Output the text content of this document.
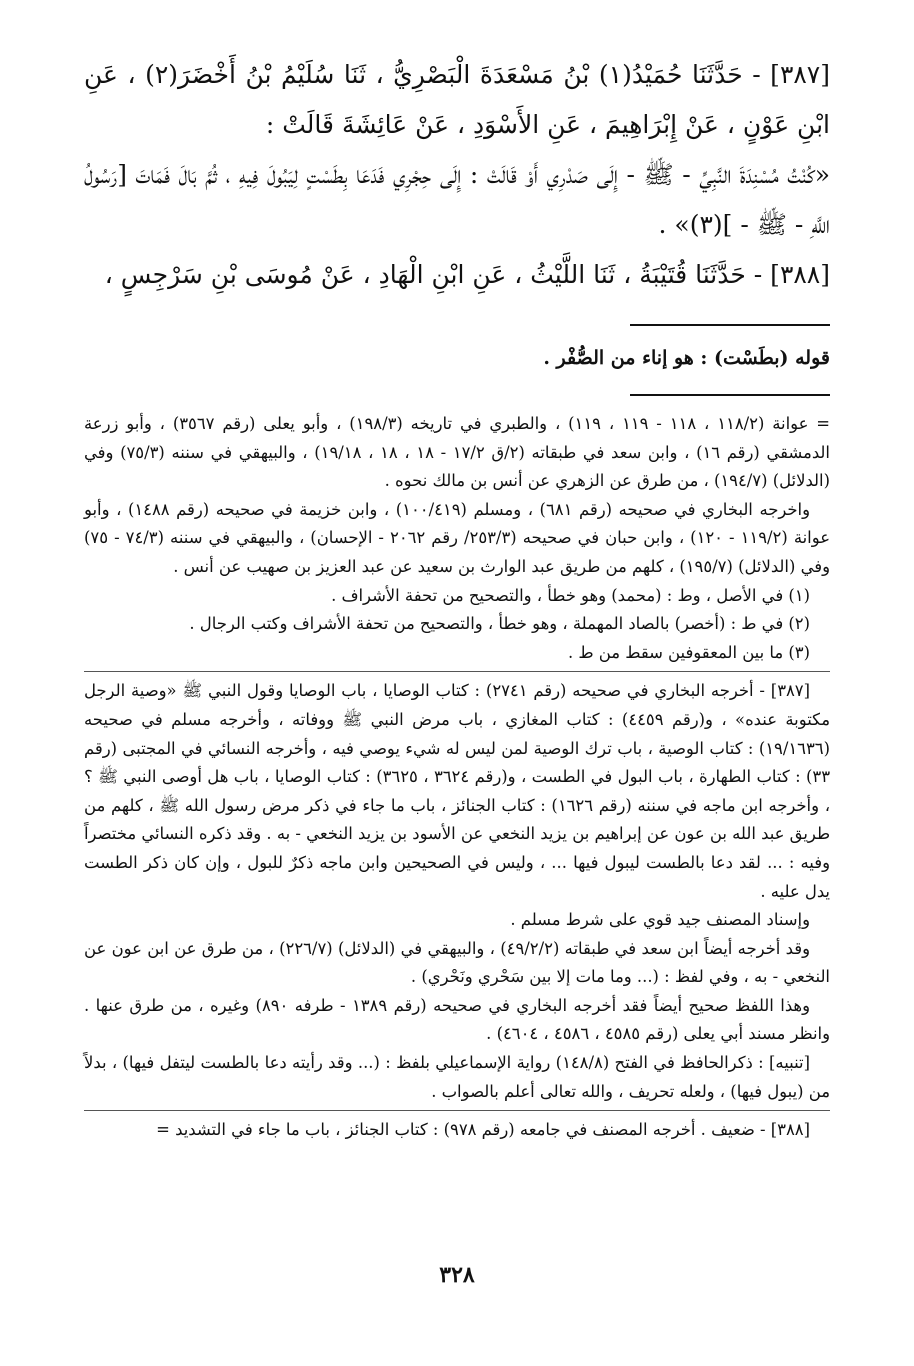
[٣٨٧] - حَدَّثَنَا حُمَيْدُ(١) بْنُ مَسْعَدَةَ الْبَصْرِيُّ ، ثَنَا سُلَيْمُ بْنُ أَخْضَرَ(٢) ، عَنِ ابْنِ عَوْنٍ ، عَنْ إِبْرَاهِيمَ ، عَنِ الأَسْوَدِ ، عَنْ عَائِشَةَ قَالَتْ :

«كُنْتُ مُسْنِدَةَ النَّبِيِّ - ﷺ - إِلَى صَدْرِي أَوْ قَالَتْ : إِلَى حِجْرِي فَدَعَا بِطَسْتٍ لِيَبُولَ فِيهِ ، ثُمَّ بَالَ فَمَاتَ [رَسُولُ اللَّهِ - ﷺ - ](٣)» .

[٣٨٨] - حَدَّثَنَا قُتَيْبَةُ ، ثَنَا اللَّيْثُ ، عَنِ ابْنِ الْهَادِ ، عَنْ مُوسَى بْنِ سَرْجِسٍ ،

قوله (بطَسْت) : هو إناء من الصُّفْر .

= عوانة (١١٨/٢ ، ١١٨ - ١١٩ ، ١١٩) ، والطبري في تاريخه (١٩٨/٣) ، وأبو يعلى (رقم ٣٥٦٧) ، وأبو زرعة الدمشقي (رقم ١٦) ، وابن سعد في طبقاته (٢/ق ١٧/٢ - ١٨ ، ١٨ ، ١٩/١٨) ، والبيهقي في سننه (٧٥/٣) وفي (الدلائل) (١٩٤/٧) ، من طرق عن الزهري عن أنس بن مالك نحوه .

واخرجه البخاري في صحيحه (رقم ٦٨١) ، ومسلم (١٠٠/٤١٩) ، وابن خزيمة في صحيحه (رقم ١٤٨٨) ، وأبو عوانة (١١٩/٢ - ١٢٠) ، وابن حبان في صحيحه (٢٥٣/٣/ رقم ٢٠٦٢ - الإحسان) ، والبيهقي في سننه (٧٤/٣ - ٧٥) وفي (الدلائل) (١٩٥/٧) ، كلهم من طريق عبد الوارث بن سعيد عن عبد العزيز بن صهيب عن أنس .

(١) في الأصل ، وط : (محمد) وهو خطأ ، والتصحيح من تحفة الأشراف .

(٢) في ط : (أخصر) بالصاد المهملة ، وهو خطأ ، والتصحيح من تحفة الأشراف وكتب الرجال .

(٣) ما بين المعقوفين سقط من ط .

[٣٨٧] - أخرجه البخاري في صحيحه (رقم ٢٧٤١) : كتاب الوصايا ، باب الوصايا وقول النبي ﷺ «وصية الرجل مكتوبة عنده» ، و(رقم ٤٤٥٩) : كتاب المغازي ، باب مرض النبي ﷺ ووفاته ، وأخرجه مسلم في صحيحه (١٩/١٦٣٦) : كتاب الوصية ، باب ترك الوصية لمن ليس له شيء يوصي فيه ، وأخرجه النسائي في المجتبى (رقم ٣٣) : كتاب الطهارة ، باب البول في الطست ، و(رقم ٣٦٢٤ ، ٣٦٢٥) : كتاب الوصايا ، باب هل أوصى النبي ﷺ ؟ ، وأخرجه ابن ماجه في سننه (رقم ١٦٢٦) : كتاب الجنائز ، باب ما جاء في ذكر مرض رسول الله ﷺ ، كلهم من طريق عبد الله بن عون عن إبراهيم بن يزيد النخعي عن الأسود بن يزيد النخعي - به . وقد ذكره النسائي مختصراً وفيه : ... لقد دعا بالطست ليبول فيها ... ، وليس في الصحيحين وابن ماجه ذكرٌ للبول ، وإن كان ذكر الطست يدل عليه .

وإسناد المصنف جيد قوي على شرط مسلم .

وقد أخرجه أيضاً ابن سعد في طبقاته (٤٩/٢/٢) ، والبيهقي في (الدلائل) (٢٢٦/٧) ، من طرق عن ابن عون عن النخعي - به ، وفي لفظ : (... وما مات إلا بين سَحْري ونَحْري) .

وهذا اللفظ صحيح أيضاً فقد أخرجه البخاري في صحيحه (رقم ١٣٨٩ - طرفه ٨٩٠) وغيره ، من طرق عنها . وانظر مسند أبي يعلى (رقم ٤٥٨٥ ، ٤٥٨٦ ، ٤٦٠٤) .

[تنبيه] : ذكرالحافظ في الفتح (١٤٨/٨) رواية الإسماعيلي بلفظ : (... وقد رأيته دعا بالطست ليتفل فيها) ، بدلاً من (يبول فيها) ، ولعله تحريف ، والله تعالى أعلم بالصواب .

[٣٨٨] - ضعيف . أخرجه المصنف في جامعه (رقم ٩٧٨) : كتاب الجنائز ، باب ما جاء في التشديد =

٣٢٨
